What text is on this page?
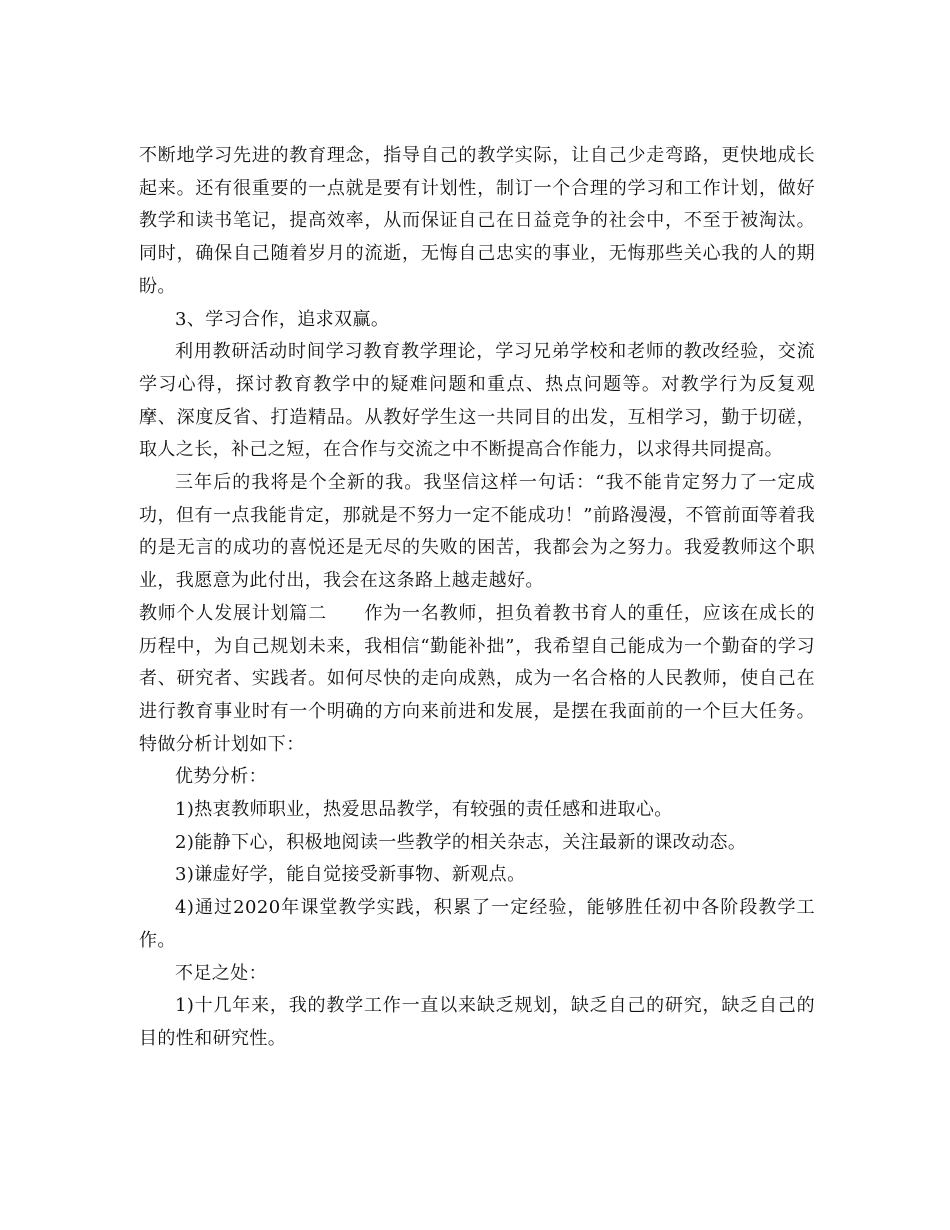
不断地学习先进的教育理念，指导自己的教学实际，让自己少走弯路，更快地成长起来。还有很重要的一点就是要有计划性，制订一个合理的学习和工作计划，做好教学和读书笔记，提高效率，从而保证自己在日益竞争的社会中，不至于被淘汰。同时，确保自己随着岁月的流逝，无悔自己忠实的事业，无悔那些关心我的人的期盼。

3、学习合作，追求双赢。

利用教研活动时间学习教育教学理论，学习兄弟学校和老师的教改经验，交流学习心得，探讨教育教学中的疑难问题和重点、热点问题等。对教学行为反复观摩、深度反省、打造精品。从教好学生这一共同目的出发，互相学习，勤于切磋，取人之长，补己之短，在合作与交流之中不断提高合作能力，以求得共同提高。

三年后的我将是个全新的我。我坚信这样一句话：“我不能肯定努力了一定成功，但有一点我能肯定，那就是不努力一定不能成功！”前路漫漫，不管前面等着我的是无言的成功的喜悦还是无尽的失败的困苦，我都会为之努力。我爱教师这个职业，我愿意为此付出，我会在这条路上越走越好。

教师个人发展计划篇二　　作为一名教师，担负着教书育人的重任，应该在成长的历程中，为自己规划未来，我相信“勤能补拙”，我希望自己能成为一个勤奋的学习者、研究者、实践者。如何尽快的走向成熟，成为一名合格的人民教师，使自己在进行教育事业时有一个明确的方向来前进和发展，是摆在我面前的一个巨大任务。特做分析计划如下：

优势分析：

1)热衷教师职业，热爱思品教学，有较强的责任感和进取心。

2)能静下心，积极地阅读一些教学的相关杂志，关注最新的课改动态。

3)谦虚好学，能自觉接受新事物、新观点。

4)通过2020年课堂教学实践，积累了一定经验，能够胜任初中各阶段教学工作。

不足之处：

1)十几年来，我的教学工作一直以来缺乏规划，缺乏自己的研究，缺乏自己的目的性和研究性。
